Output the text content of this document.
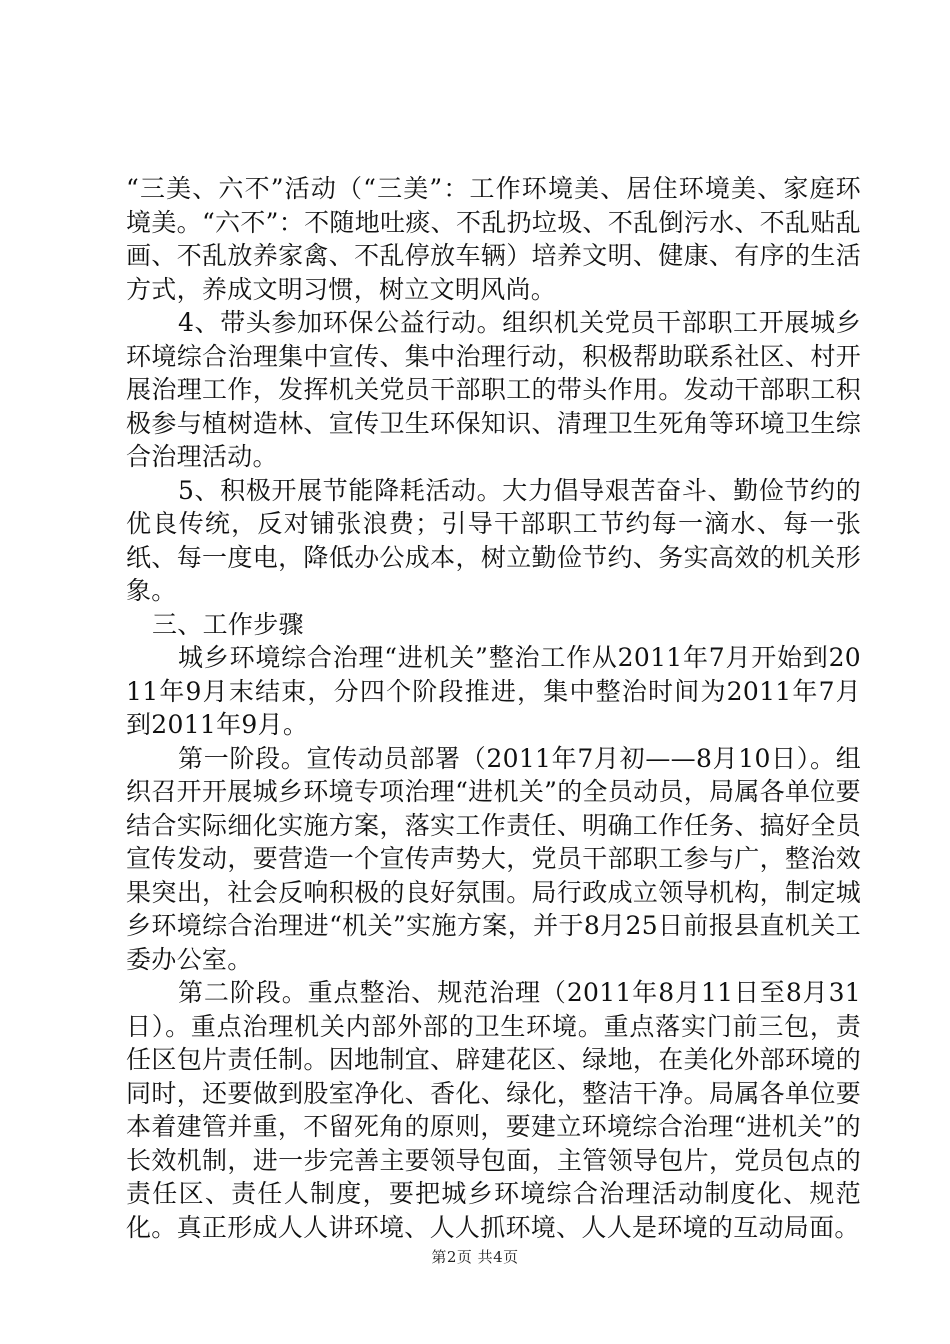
“三美、六不”活动（“三美”：工作环境美、居住环境美、家庭环境美。“六不”：不随地吐痰、不乱扔垃圾、不乱倒污水、不乱贴乱画、不乱放养家禽、不乱停放车辆）培养文明、健康、有序的生活方式，养成文明习惯，树立文明风尚。

4、带头参加环保公益行动。组织机关党员干部职工开展城乡环境综合治理集中宣传、集中治理行动，积极帮助联系社区、村开展治理工作，发挥机关党员干部职工的带头作用。发动干部职工积极参与植树造林、宣传卫生环保知识、清理卫生死角等环境卫生综合治理活动。

5、积极开展节能降耗活动。大力倡导艰苦奋斗、勤俭节约的优良传统，反对铺张浪费；引导干部职工节约每一滴水、每一张纸、每一度电，降低办公成本，树立勤俭节约、务实高效的机关形象。

三、工作步骤

城乡环境综合治理“进机关”整治工作从2011年7月开始到2011年9月末结束，分四个阶段推进，集中整治时间为2011年7月到2011年9月。

第一阶段。宣传动员部署（2011年7月初——8月10日）。组织召开开展城乡环境专项治理“进机关”的全员动员，局属各单位要结合实际细化实施方案，落实工作责任、明确工作任务、搞好全员宣传发动，要营造一个宣传声势大，党员干部职工参与广，整治效果突出，社会反响积极的良好氛围。局行政成立领导机构，制定城乡环境综合治理进“机关”实施方案，并于8月25日前报县直机关工委办公室。

第二阶段。重点整治、规范治理（2011年8月11日至8月31日）。重点治理机关内部外部的卫生环境。重点落实门前三包，责任区包片责任制。因地制宜、辟建花区、绿地，在美化外部环境的同时，还要做到股室净化、香化、绿化，整洁干净。局属各单位要本着建管并重，不留死角的原则，要建立环境综合治理“进机关”的长效机制，进一步完善主要领导包面，主管领导包片，党员包点的责任区、责任人制度，要把城乡环境综合治理活动制度化、规范化。真正形成人人讲环境、人人抓环境、人人是环境的互动局面。

第2页 共4页
